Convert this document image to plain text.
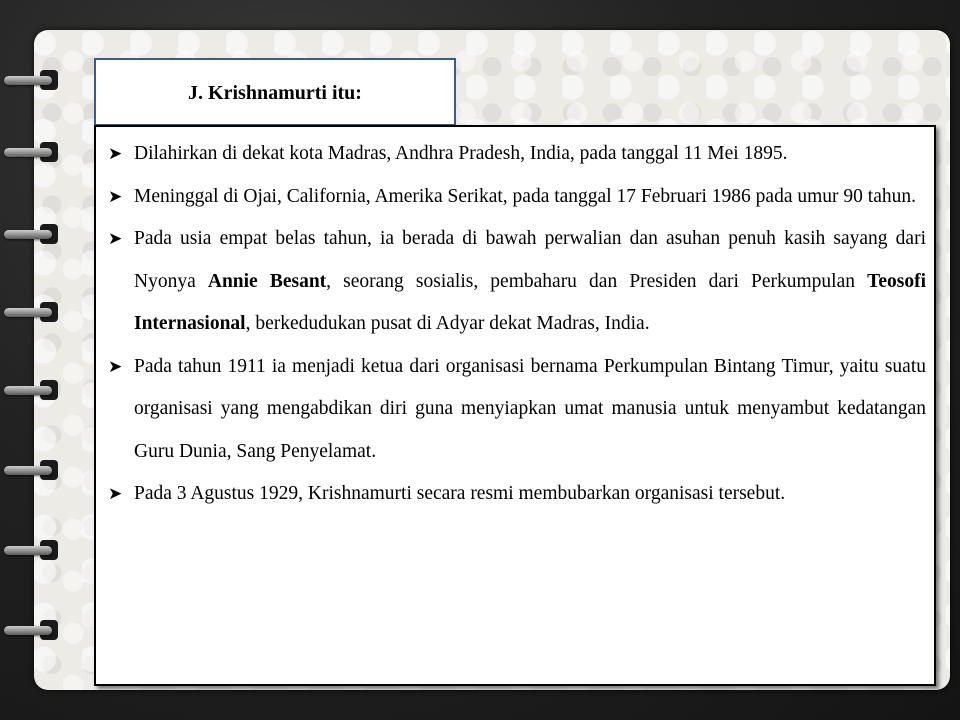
J. Krishnamurti itu:
➤ Dilahirkan di dekat kota Madras, Andhra Pradesh, India, pada tanggal 11 Mei 1895.
➤ Meninggal di Ojai, California, Amerika Serikat, pada tanggal 17 Februari 1986 pada umur 90 tahun.
➤ Pada usia empat belas tahun, ia berada di bawah perwalian dan asuhan penuh kasih sayang dari Nyonya Annie Besant, seorang sosialis, pembaharu dan Presiden dari Perkumpulan Teosofi Internasional, berkedudukan pusat di Adyar dekat Madras, India.
➤ Pada tahun 1911 ia menjadi ketua dari organisasi bernama Perkumpulan Bintang Timur, yaitu suatu organisasi yang mengabdikan diri guna menyiapkan umat manusia untuk menyambut kedatangan Guru Dunia, Sang Penyelamat.
➤ Pada 3 Agustus 1929, Krishnamurti secara resmi membubarkan organisasi tersebut.
